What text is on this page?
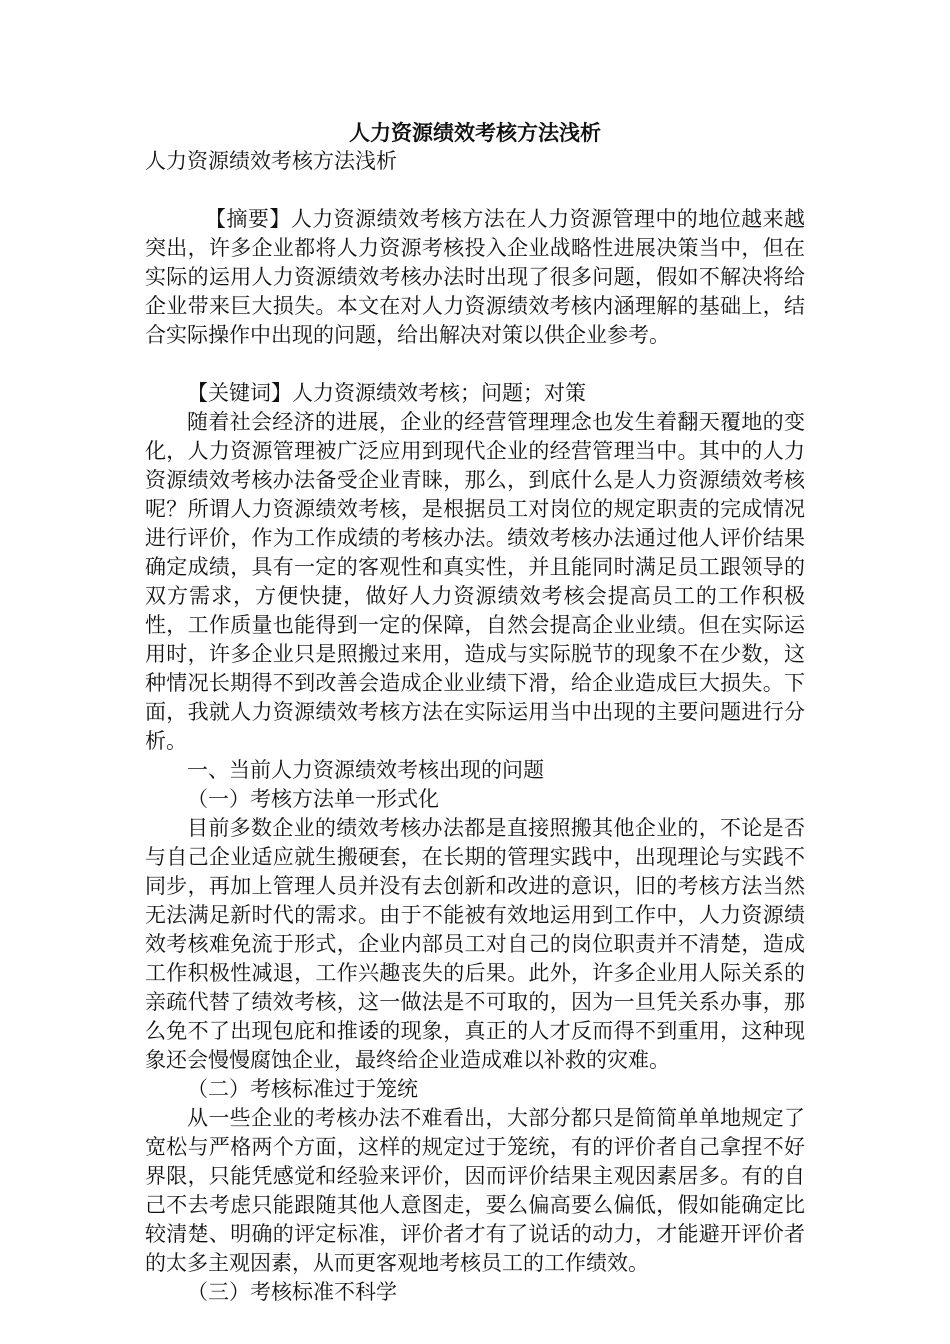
人力资源绩效考核方法浅析

人力资源绩效考核方法浅析

【摘要】人力资源绩效考核方法在人力资源管理中的地位越来越突出，许多企业都将人力资源考核投入企业战略性进展决策当中，但在实际的运用人力资源绩效考核办法时出现了很多问题，假如不解决将给企业带来巨大损失。本文在对人力资源绩效考核内涵理解的基础上，结合实际操作中出现的问题，给出解决对策以供企业参考。

【关键词】人力资源绩效考核；问题；对策

随着社会经济的进展，企业的经营管理理念也发生着翻天覆地的变化，人力资源管理被广泛应用到现代企业的经营管理当中。其中的人力资源绩效考核办法备受企业青睐，那么，到底什么是人力资源绩效考核呢？所谓人力资源绩效考核，是根据员工对岗位的规定职责的完成情况进行评价，作为工作成绩的考核办法。绩效考核办法通过他人评价结果确定成绩，具有一定的客观性和真实性，并且能同时满足员工跟领导的双方需求，方便快捷，做好人力资源绩效考核会提高员工的工作积极性，工作质量也能得到一定的保障，自然会提高企业业绩。但在实际运用时，许多企业只是照搬过来用，造成与实际脱节的现象不在少数，这种情况长期得不到改善会造成企业业绩下滑，给企业造成巨大损失。下面，我就人力资源绩效考核方法在实际运用当中出现的主要问题进行分析。

一、当前人力资源绩效考核出现的问题

（一）考核方法单一形式化

目前多数企业的绩效考核办法都是直接照搬其他企业的，不论是否与自己企业适应就生搬硬套，在长期的管理实践中，出现理论与实践不同步，再加上管理人员并没有去创新和改进的意识，旧的考核方法当然无法满足新时代的需求。由于不能被有效地运用到工作中，人力资源绩效考核难免流于形式，企业内部员工对自己的岗位职责并不清楚，造成工作积极性减退，工作兴趣丧失的后果。此外，许多企业用人际关系的亲疏代替了绩效考核，这一做法是不可取的，因为一旦凭关系办事，那么免不了出现包庇和推诿的现象，真正的人才反而得不到重用，这种现象还会慢慢腐蚀企业，最终给企业造成难以补救的灾难。

（二）考核标准过于笼统

从一些企业的考核办法不难看出，大部分都只是简简单单地规定了宽松与严格两个方面，这样的规定过于笼统，有的评价者自己拿捏不好界限，只能凭感觉和经验来评价，因而评价结果主观因素居多。有的自己不去考虑只能跟随其他人意图走，要么偏高要么偏低，假如能确定比较清楚、明确的评定标准，评价者才有了说话的动力，才能避开评价者的太多主观因素，从而更客观地考核员工的工作绩效。

（三）考核标准不科学
